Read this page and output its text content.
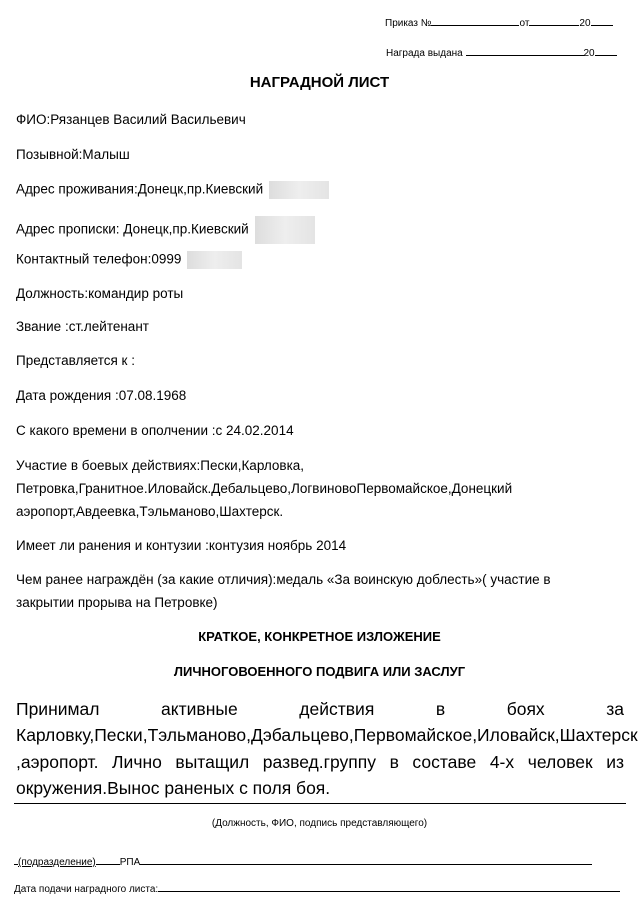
Приказ №	от	20
Награда выдана	20
НАГРАДНОЙ ЛИСТ
ФИО:Рязанцев Василий Васильевич
Позывной:Малыш
Адрес проживания:Донецк,пр.Киевский
Адрес прописки: Донецк,пр.Киевский
Контактный телефон:0999
Должность:командир роты
Звание :ст.лейтенант
Представляется к :
Дата рождения :07.08.1968
С какого времени в ополчении :с 24.02.2014
Участие в боевых действиях:Пески,Карловка,
Петровка,Гранитное.Иловайск.Дебальцево,ЛогвиновоПервомайское,Донецкий
аэропорт,Авдеевка,Тэльманово,Шахтерск.
Имеет ли ранения и контузии :контузия ноябрь 2014
Чем ранее награждён (за какие отличия):медаль «За воинскую доблесть»( участие в
закрытии прорыва на Петровке)
КРАТКОЕ, КОНКРЕТНОЕ ИЗЛОЖЕНИЕ
ЛИЧНОГОВОЕННОГО ПОДВИГА ИЛИ ЗАСЛУГ
Принимал активные действия в боях за Карловку,Пески,Тэльманово,Дэбальцево,Первомайское,Иловайск,Шахтерск ,аэропорт. Лично вытащил развед.группу в составе 4-х человек из окружения.Вынос раненых с поля боя.
(Должность, ФИО, подпись представляющего)
(подразделение) РПА
Дата подачи наградного листа:
